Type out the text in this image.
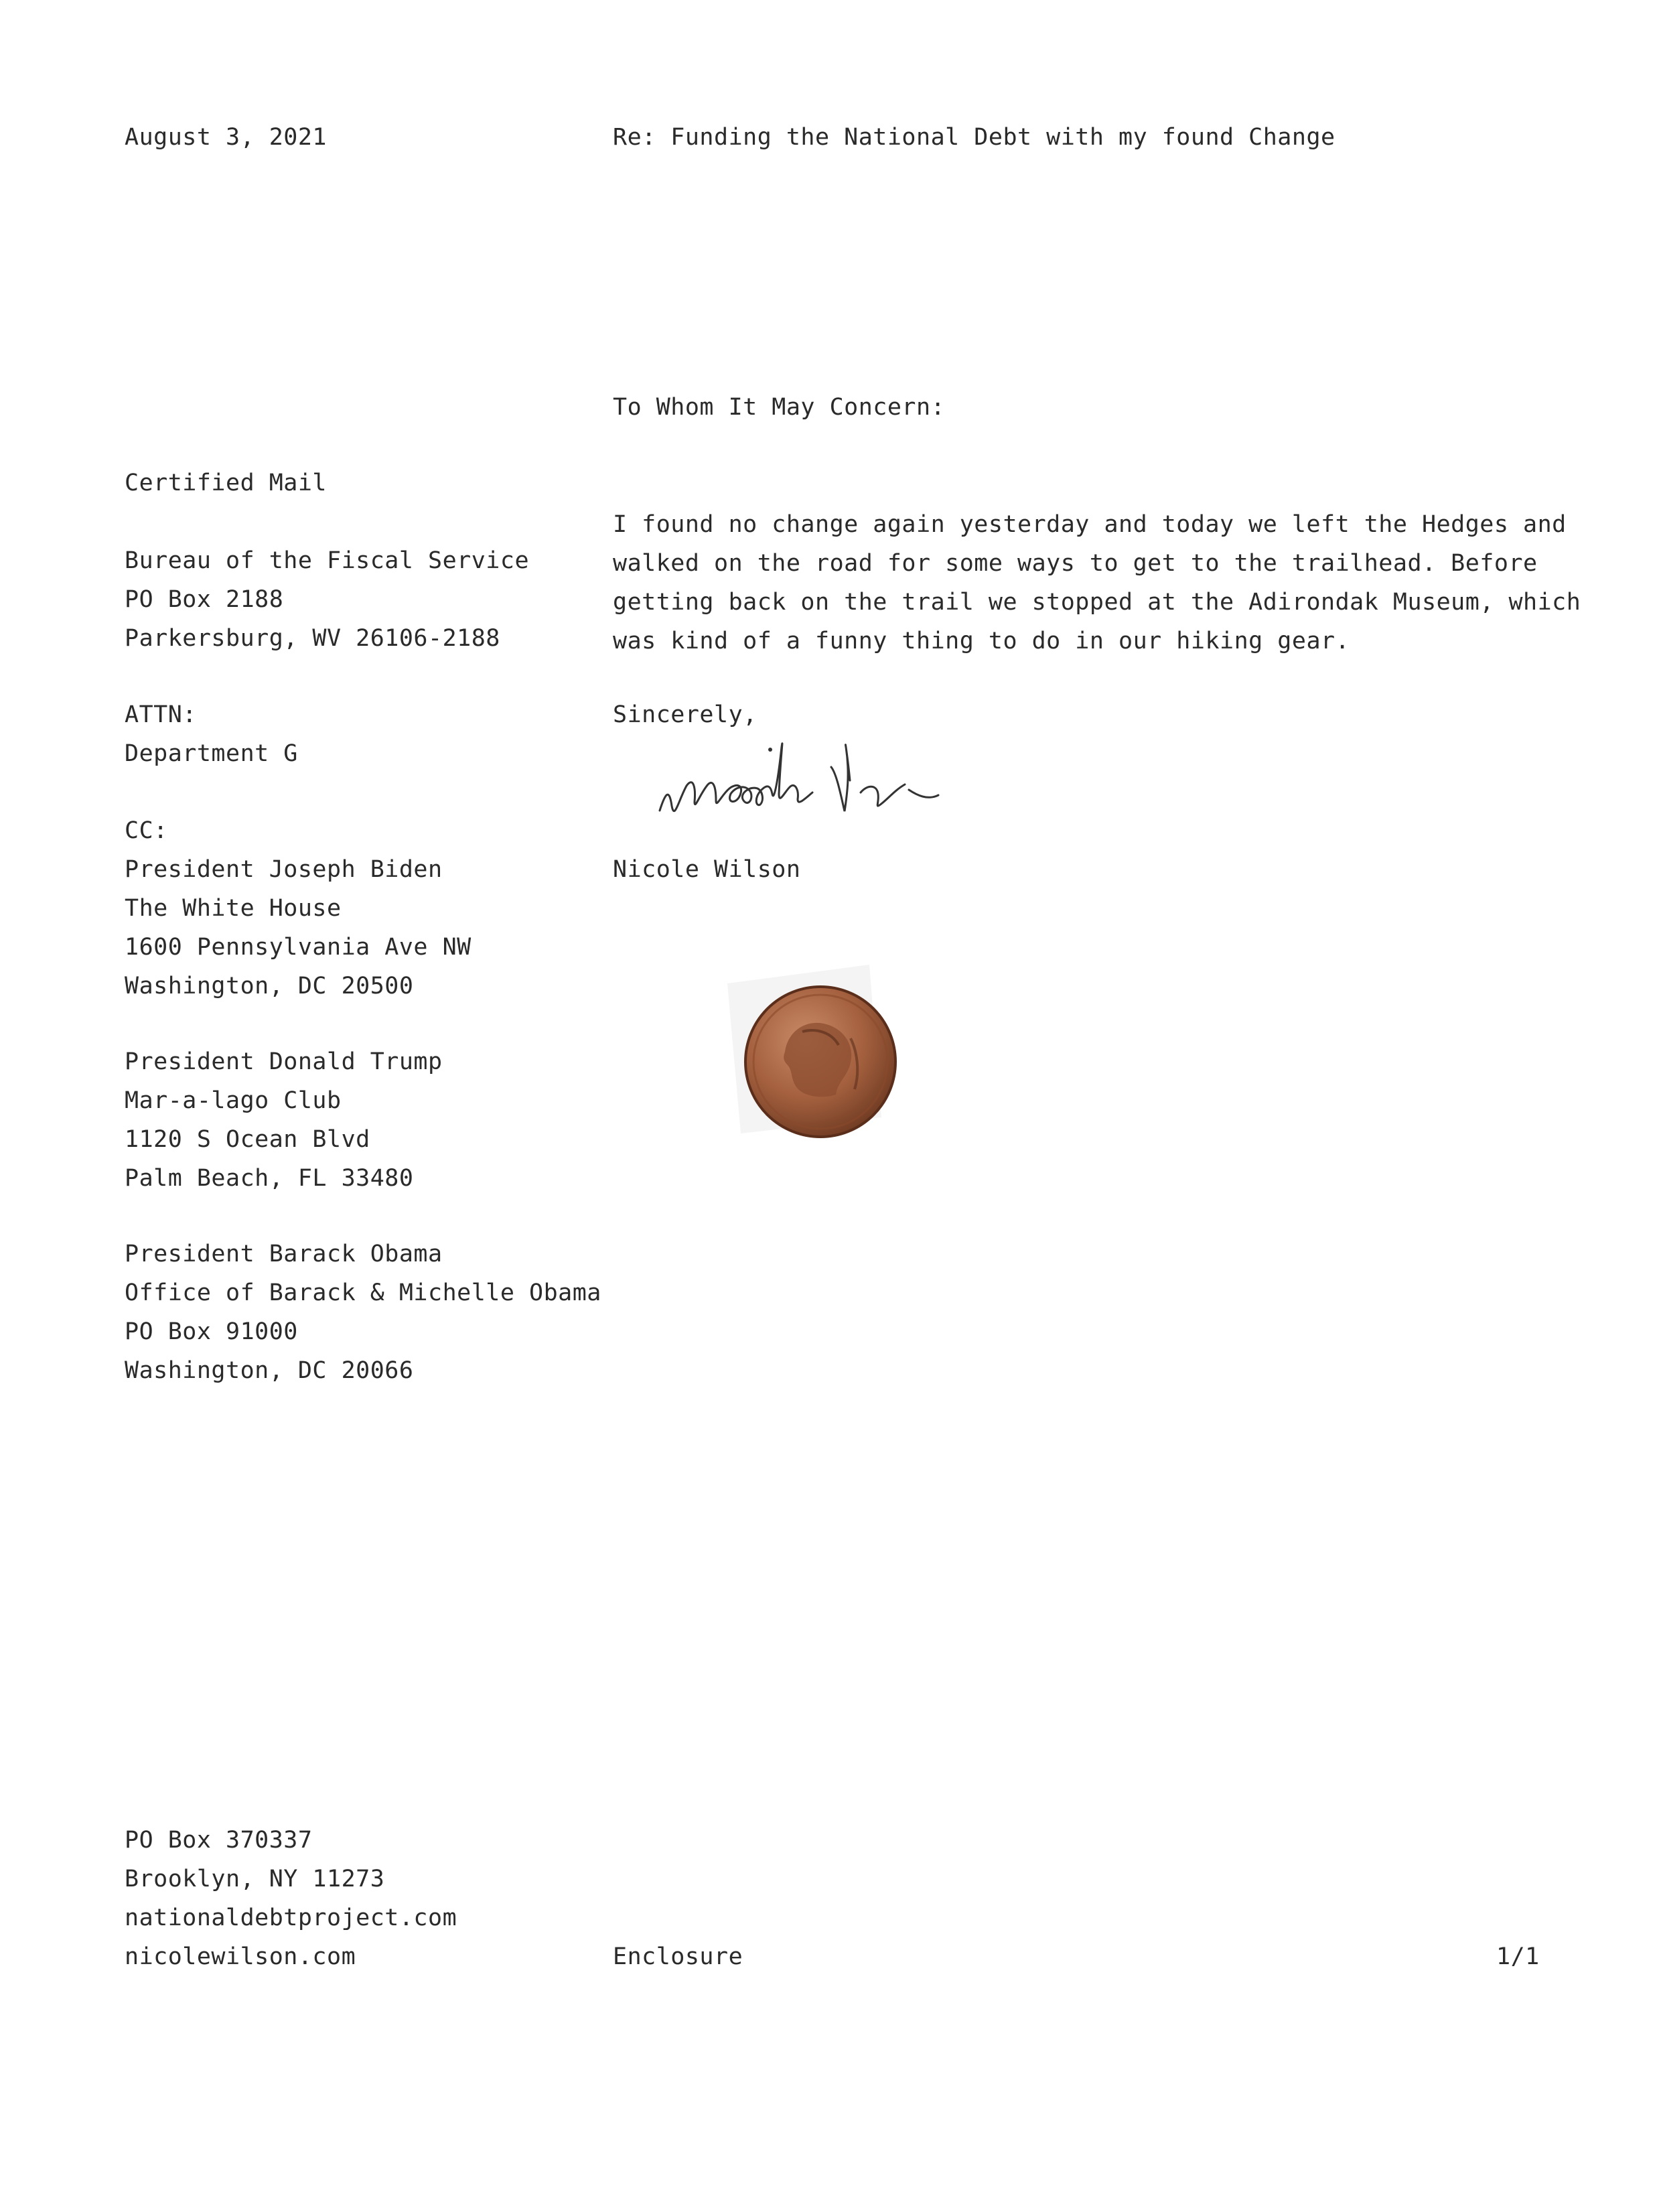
August 3, 2021	Re: Funding the National Debt with my found Change
To Whom It May Concern:
Certified Mail
Bureau of the Fiscal Service
PO Box 2188
Parkersburg, WV 26106-2188
ATTN:
Department G
CC:
President Joseph Biden
The White House
1600 Pennsylvania Ave NW
Washington, DC 20500
President Donald Trump
Mar-a-lago Club
1120 S Ocean Blvd
Palm Beach, FL 33480
President Barack Obama
Office of Barack & Michelle Obama
PO Box 91000
Washington, DC 20066
I found no change again yesterday and today we left the Hedges and
walked on the road for some ways to get to the trailhead. Before
getting back on the trail we stopped at the Adirondak Museum, which
was kind of a funny thing to do in our hiking gear.
Sincerely,
Nicole Wilson
PO Box 370337
Brooklyn, NY 11273
nationaldebtproject.com
nicolewilson.com	Enclosure	1/1
